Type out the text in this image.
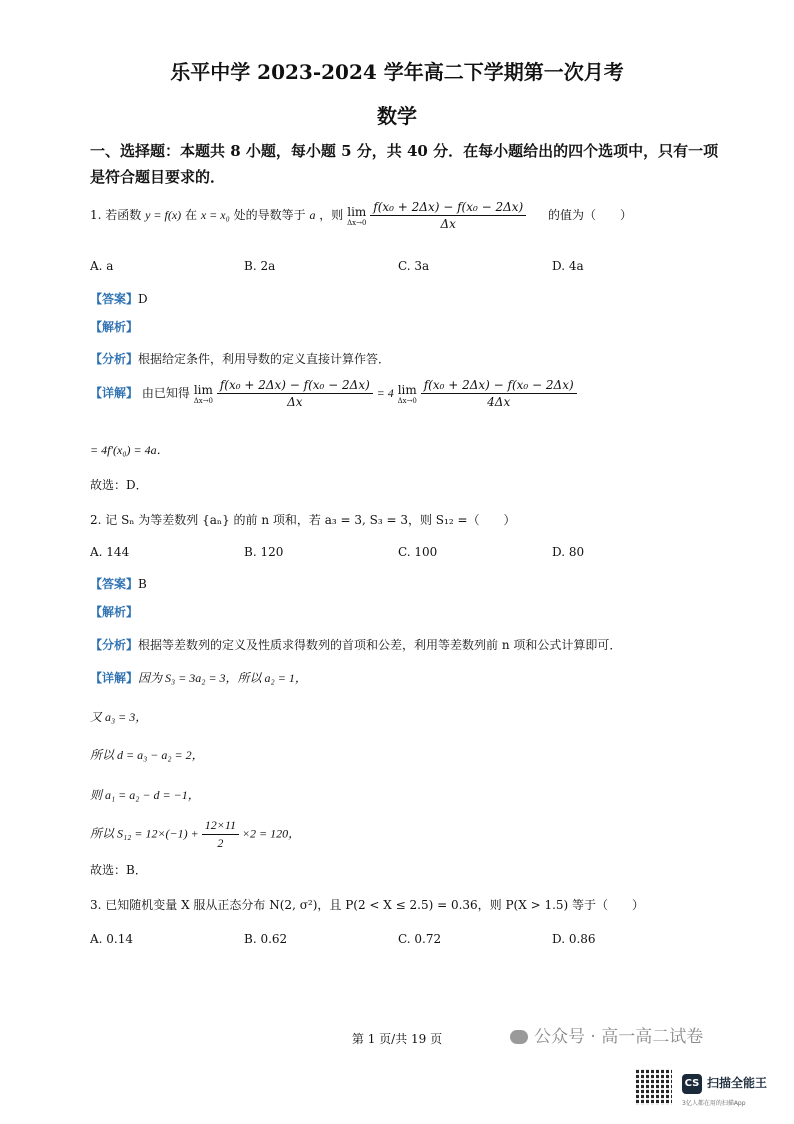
乐平中学 2023-2024 学年高二下学期第一次月考
数学
一、选择题：本题共 8 小题，每小题 5 分，共 40 分．在每小题给出的四个选项中，只有一项是符合题目要求的．
1. 若函数 y = f(x) 在 x = x₀ 处的导数等于 a ，则 lim
Δx→0
$\frac{\text{f(x₀ + 2Δx) − f(x₀ − 2Δx)}}{\Delta x}$ 的值为（　　）
A. a	B. 2a	C. 3a	D. 4a
【答案】D
【解析】
【分析】根据给定条件，利用导数的定义直接计算作答．
【详解】 由已知得 lim
Δx→0
$\frac{\text{f(x₀ + 2Δx) − f(x₀ − 2Δx)}}{\Delta x} = 4$ lim
Δx→0
$\frac{\text{f(x₀ + 2Δx) − f(x₀ − 2Δx)}}{4\Delta x}$
= 4f′(x₀) = 4a．
故选：D．
2. 记 Sₙ 为等差数列 {aₙ} 的前 n 项和，若 a₃ = 3, S₃ = 3，则 S₁₂ =（　　）
A. 144	B. 120	C. 100	D. 80
【答案】B
【解析】
【分析】根据等差数列的定义及性质求得数列的首项和公差，利用等差数列前 n 项和公式计算即可．
【详解】因为 S₃ = 3a₂ = 3，所以 a₂ = 1，
又 a₃ = 3，
所以 d = a₃ − a₂ = 2，
则 a₁ = a₂ − d = −1，
所以 $S_{12} = 12\times(-1) + \frac{12\times 11}{2} \times 2 = 120$，
故选：B．
3. 已知随机变量 X 服从正态分布 N(2, σ²)，且 P(2 < X ≤ 2.5) = 0.36，则 P(X > 1.5) 等于（　　）
A. 0.14	B. 0.62	C. 0.72	D. 0.86
第 1 页/共 19 页	公众号 · 高一高二试卷
CS 扫描全能王
3亿人都在用的扫描App
